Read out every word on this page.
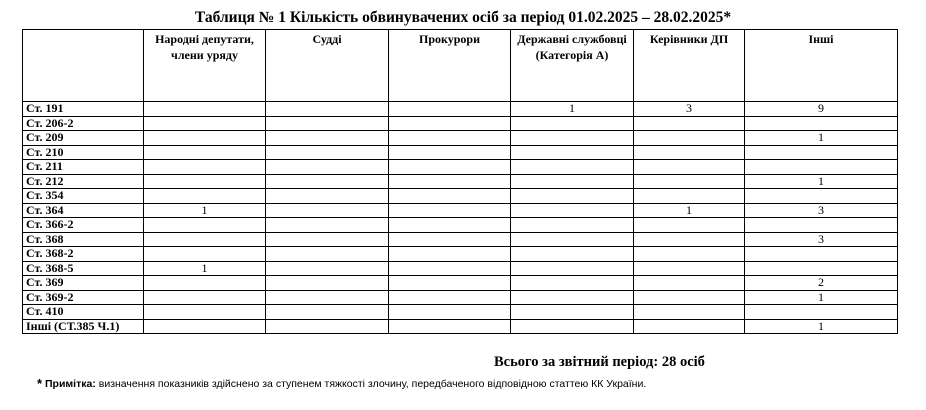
Таблиця № 1 Кількість обвинувачених осіб за період 01.02.2025 – 28.02.2025*
	Народні депутати, члени уряду	Судді	Прокурори	Державні службовці (Категорія А)	Керівники ДП	Інші
Ст. 191				1	3	9
Ст. 206-2						
Ст. 209						1
Ст. 210						
Ст. 211						
Ст. 212						1
Ст. 354						
Ст. 364	1				1	3
Ст. 366-2						
Ст. 368						3
Ст. 368-2						
Ст. 368-5	1					
Ст. 369						2
Ст. 369-2						1
Ст. 410						
Інші (СТ.385 Ч.1)						1
Всього за звітний період: 28 осіб
* Примітка: визначення показників здійснено за ступенем тяжкості злочину, передбаченого відповідною статтею КК України.
